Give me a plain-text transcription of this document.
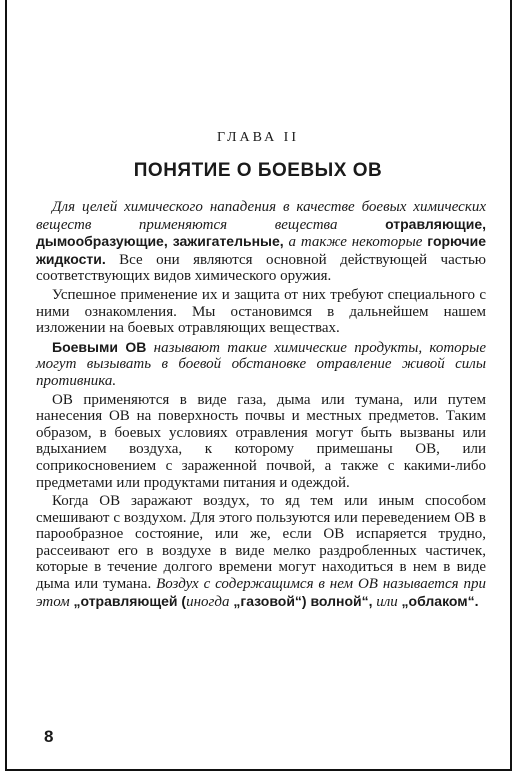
ГЛАВА II
ПОНЯТИЕ О БОЕВЫХ ОВ

Для целей химического нападения в качестве боевых химических веществ применяются вещества отравляющие, дымообразующие, зажигательные, а также некоторые горючие жидкости. Все они являются основной действующей частью соответствующих видов химического оружия.

Успешное применение их и защита от них требуют специального с ними ознакомления. Мы остановимся в дальнейшем нашем изложении на боевых отравляющих веществах.

Боевыми ОВ называют такие химические продукты, которые могут вызывать в боевой обстановке отравление живой силы противника.

ОВ применяются в виде газа, дыма или тумана, или путем нанесения ОВ на поверхность почвы и местных предметов. Таким образом, в боевых условиях отравления могут быть вызваны или вдыханием воздуха, к которому примешаны ОВ, или соприкосновением с зараженной почвой, а также с какими-либо предметами или продуктами питания и одеждой.

Когда ОВ заражают воздух, то яд тем или иным способом смешивают с воздухом. Для этого пользуются или переведением ОВ в парообразное состояние, или же, если ОВ испаряется трудно, рассеивают его в воздухе в виде мелко раздробленных частичек, которые в течение долгого времени могут находиться в нем в виде дыма или тумана. Воздух с содержащимся в нем ОВ называется при этом „отравляющей (иногда „газовой“) волной“, или „облаком“.

8
